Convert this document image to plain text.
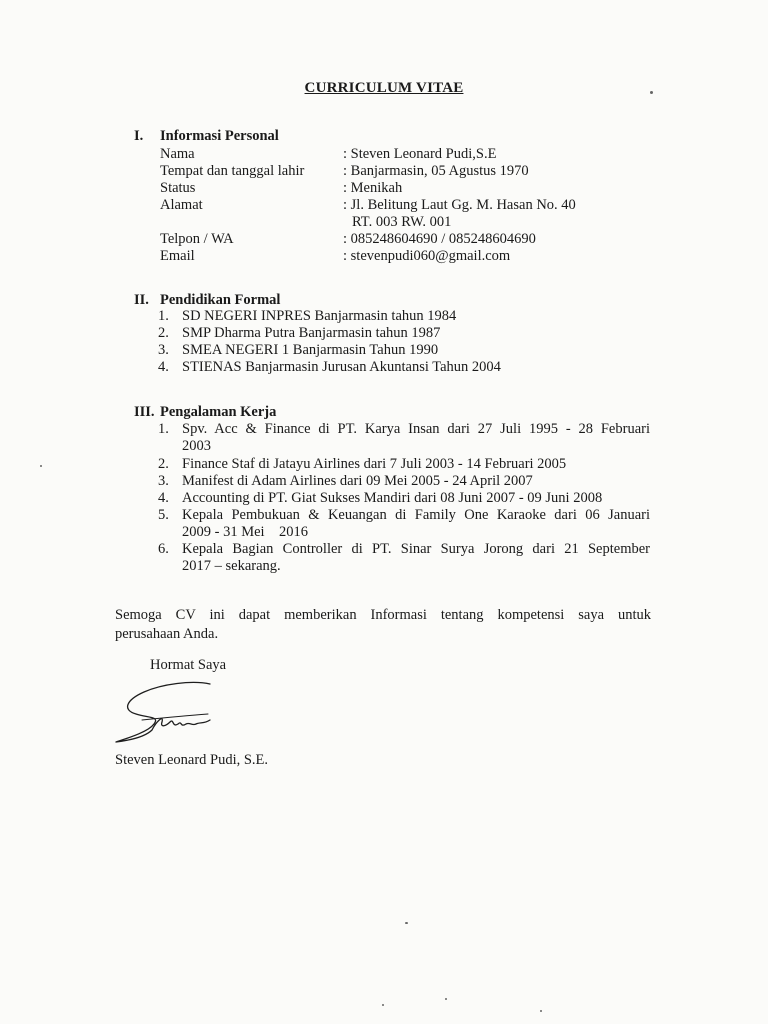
CURRICULUM VITAE
I. Informasi Personal
Nama	: Steven Leonard Pudi,S.E
Tempat dan tanggal lahir	: Banjarmasin, 05 Agustus 1970
Status	: Menikah
Alamat	: Jl. Belitung Laut Gg. M. Hasan No. 40
RT. 003 RW. 001
Telpon / WA	: 085248604690 / 085248604690
Email	: stevenpudi060@gmail.com
II. Pendidikan Formal
1. SD NEGERI INPRES Banjarmasin tahun 1984
2. SMP Dharma Putra Banjarmasin tahun 1987
3. SMEA NEGERI 1 Banjarmasin Tahun 1990
4. STIENAS Banjarmasin Jurusan Akuntansi Tahun 2004
III. Pengalaman Kerja
1. Spv. Acc & Finance di PT. Karya Insan dari 27 Juli 1995 - 28 Februari
2003
2. Finance Staf di Jatayu Airlines dari 7 Juli 2003 - 14 Februari 2005
3. Manifest di Adam Airlines dari 09 Mei 2005 - 24 April 2007
4. Accounting di PT. Giat Sukses Mandiri dari 08 Juni 2007 - 09 Juni 2008
5. Kepala Pembukuan & Keuangan di Family One Karaoke dari 06 Januari
2009 - 31 Mei    2016
6. Kepala Bagian Controller di PT. Sinar Surya Jorong dari 21 September
2017 – sekarang.
Semoga CV ini dapat memberikan Informasi tentang kompetensi saya untuk
perusahaan Anda.
Hormat Saya
Steven Leonard Pudi, S.E.
